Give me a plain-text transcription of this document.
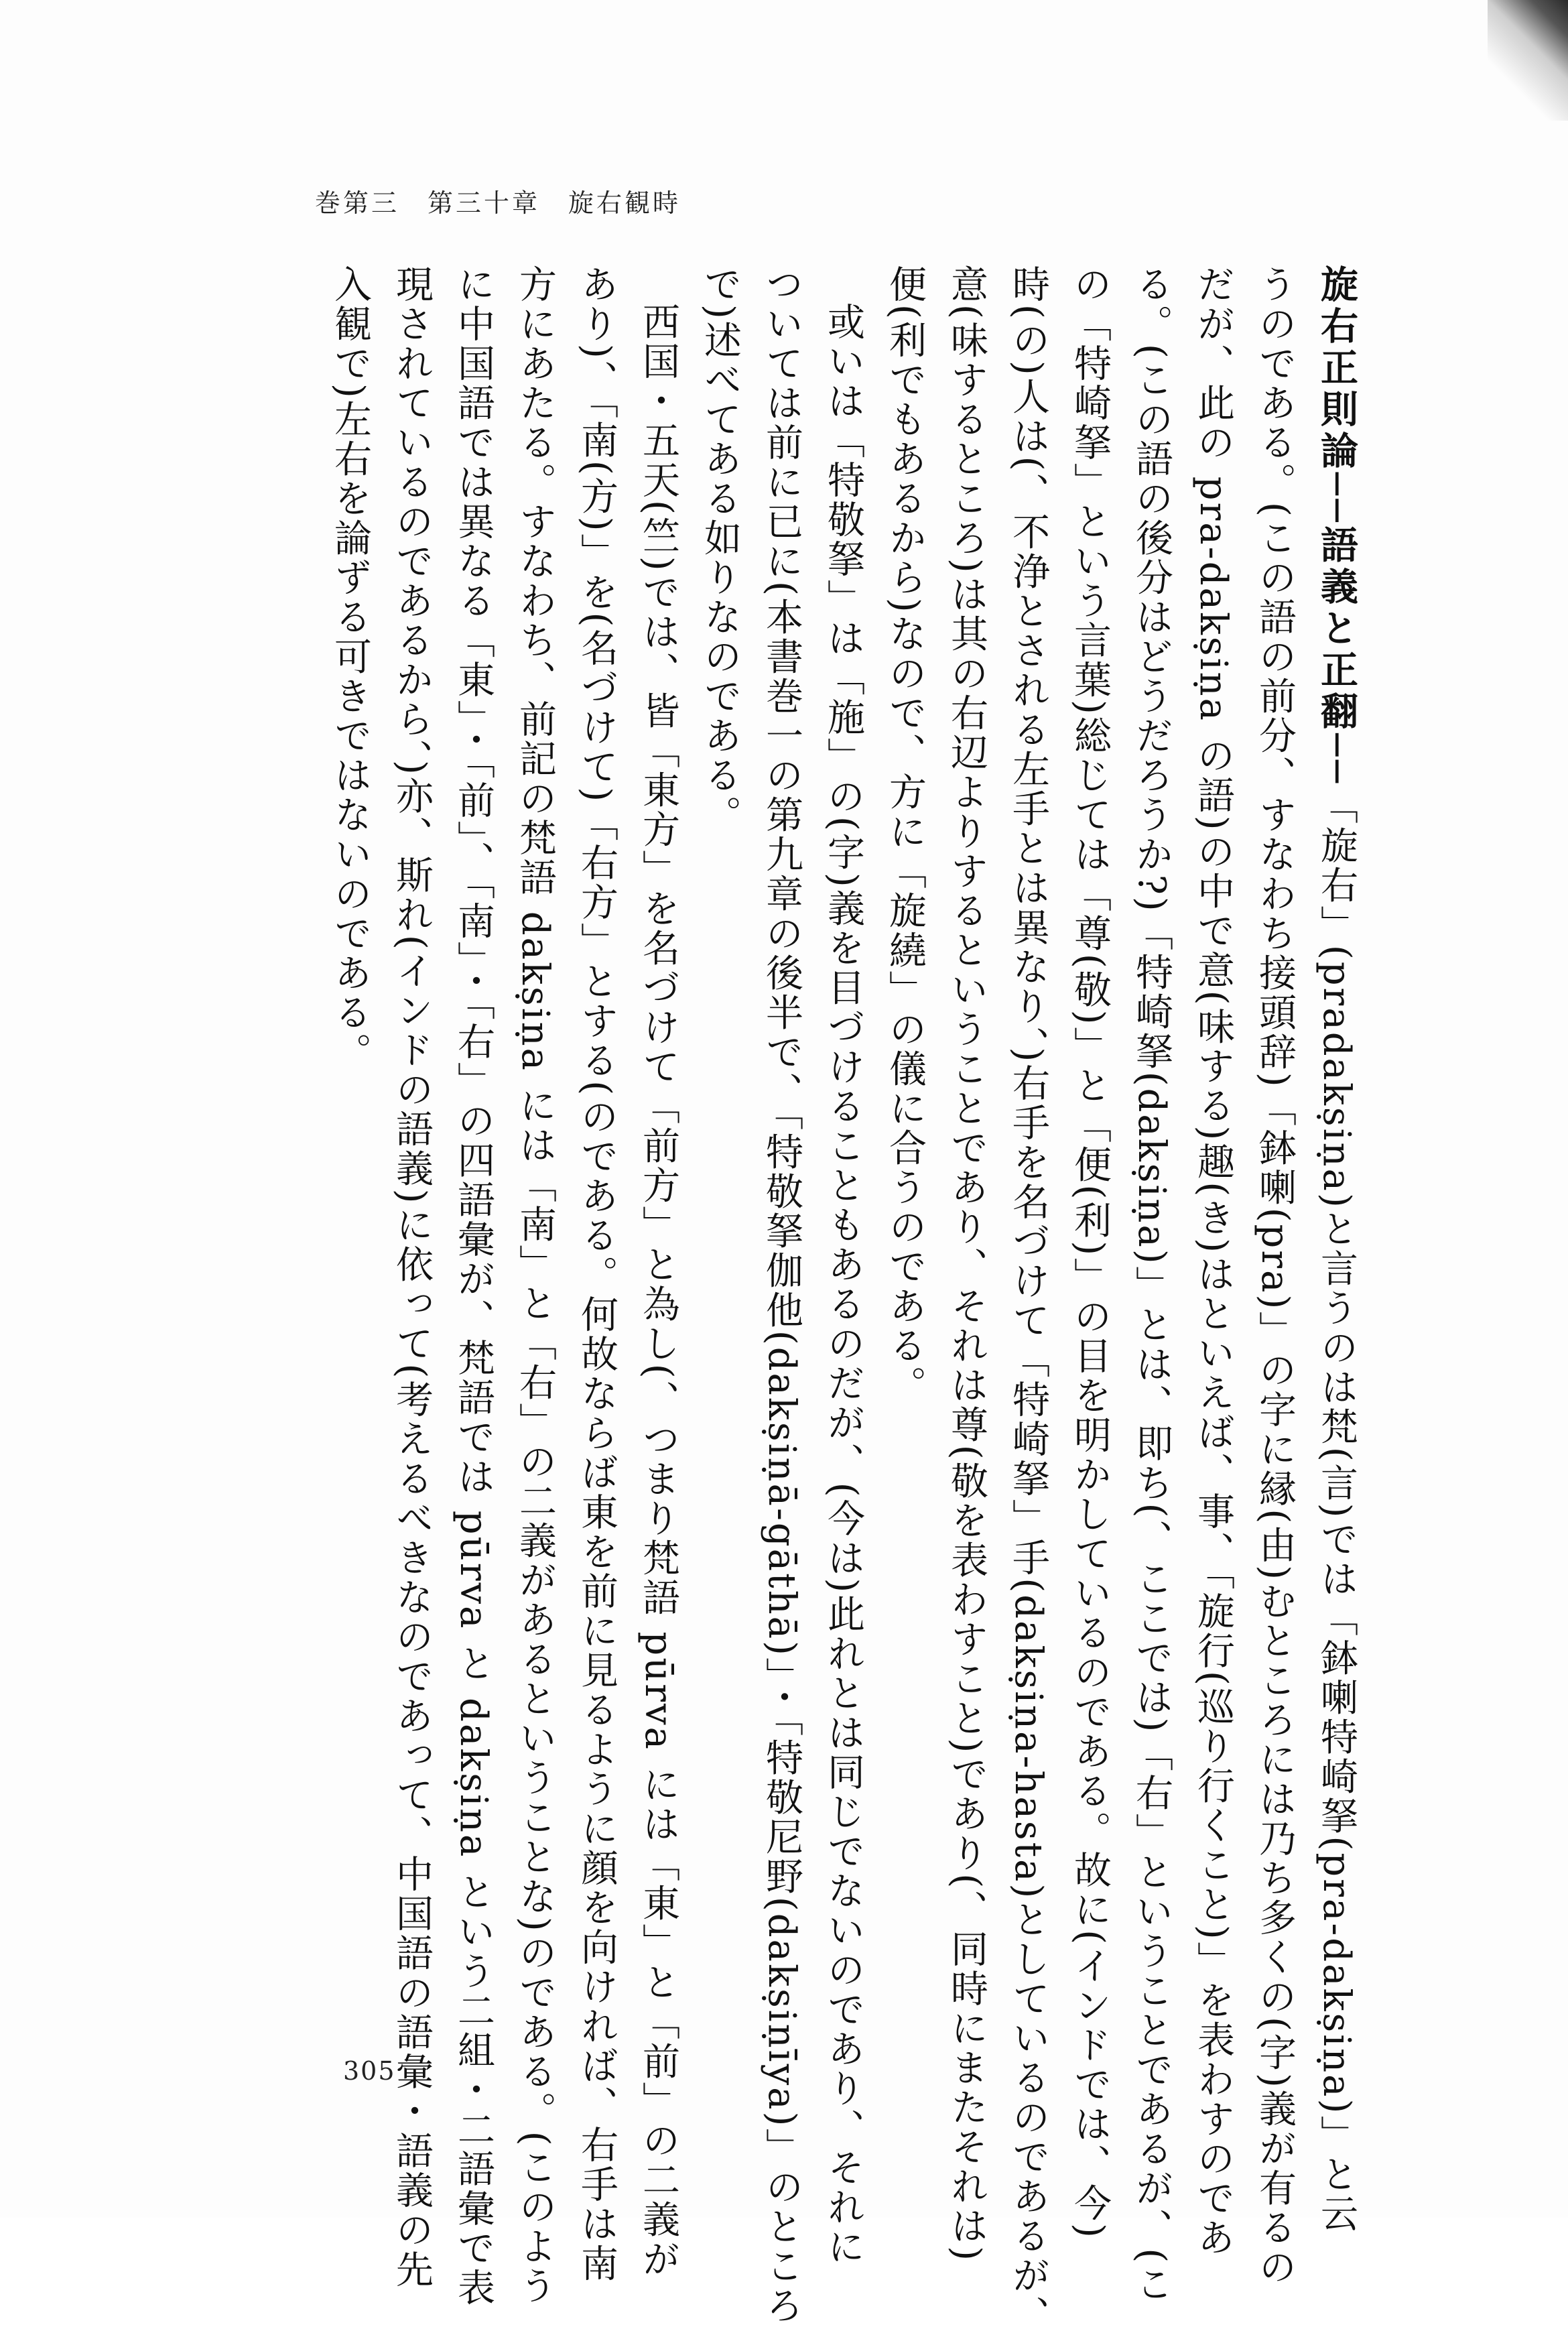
巻第三　第三十章　旋右観時
旋右正則論──語義と正翻──「旋右」(pradakṣiṇa)と言うのは梵(言)では「鉢喇特崎拏(pra-dakṣiṇa)」と云
うのである。(この語の前分、すなわち接頭辞)「鉢喇(pra)」の字に縁(由)むところには乃ち多くの(字)義が有るの
だが、此の pra-dakṣiṇa の語)の中で意(味する)趣(き)はといえば、事、「旋行(巡り行くこと)」を表わすのであ
る。(この語の後分はどうだろうか?)「特崎拏(dakṣiṇa)」とは、即ち(、ここでは)「右」ということであるが、(こ
の「特崎拏」という言葉)総じては「尊(敬)」と「便(利)」の目を明かしているのである。故に(インドでは、今)
時(の)人は(、不浄とされる左手とは異なり、)右手を名づけて「特崎拏」手(dakṣiṇa-hasta)としているのであるが、
意(味するところ)は其の右辺よりするということであり、それは尊(敬を表わすこと)であり(、同時にまたそれは)
便(利でもあるから)なので、方に「旋繞」の儀に合うのである。
或いは「特敬拏」は「施」の(字)義を目づけることもあるのだが、(今は)此れとは同じでないのであり、それに
ついては前に已に(本書巻一の第九章の後半で、「特敬拏伽他(dakṣiṇā-gāthā)」・「特敬尼野(dakṣiṇīya)」のところ
で)述べてある如りなのである。
西国・五天(竺)では、皆「東方」を名づけて「前方」と為し(、つまり梵語 pūrva には「東」と「前」の二義が
あり)、「南(方)」を(名づけて)「右方」とする(のである。何故ならば東を前に見るように顔を向ければ、右手は南
方にあたる。すなわち、前記の梵語 dakṣiṇa には「南」と「右」の二義があるということな)のである。(このよう
に中国語では異なる「東」・「前」、「南」・「右」の四語彙が、梵語では pūrva と dakṣiṇa という二組・二語彙で表
現されているのであるから、)亦、斯れ(インドの語義)に依って(考えるべきなのであって、中国語の語彙・語義の先
入観で)左右を論ずる可きではないのである。
305
